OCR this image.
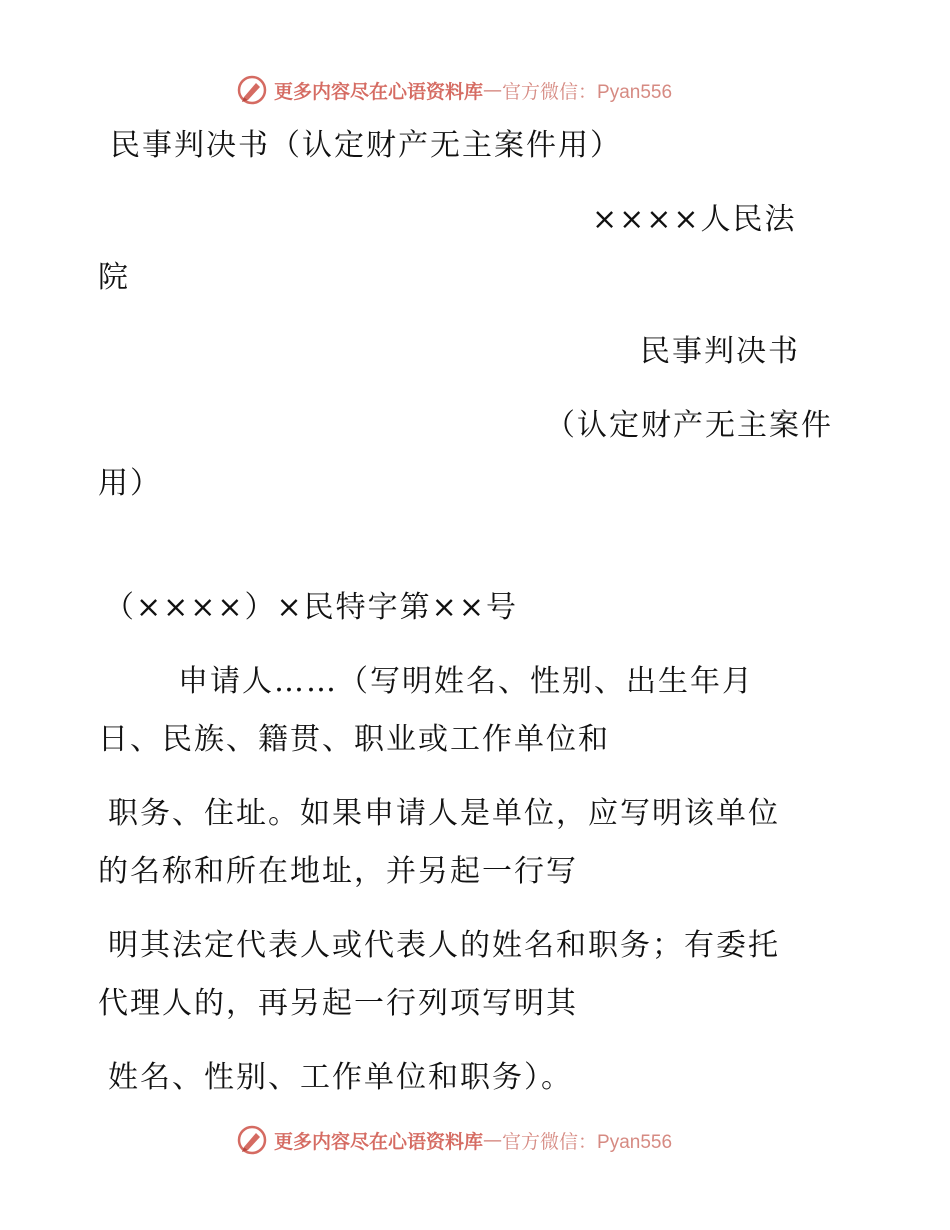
更多内容尽在心语资料库 — 官方微信：Pyan556
民事判决书（认定财产无主案件用）
××××人民法
院
民事判决书
（认定财产无主案件
用）
（××××）×民特字第××号
申请人……（写明姓名、性别、出生年月
日、民族、籍贯、职业或工作单位和
职务、住址。如果申请人是单位，应写明该单位
的名称和所在地址，并另起一行写
明其法定代表人或代表人的姓名和职务；有委托
代理人的，再另起一行列项写明其
姓名、性别、工作单位和职务）。
更多内容尽在心语资料库 — 官方微信：Pyan556
